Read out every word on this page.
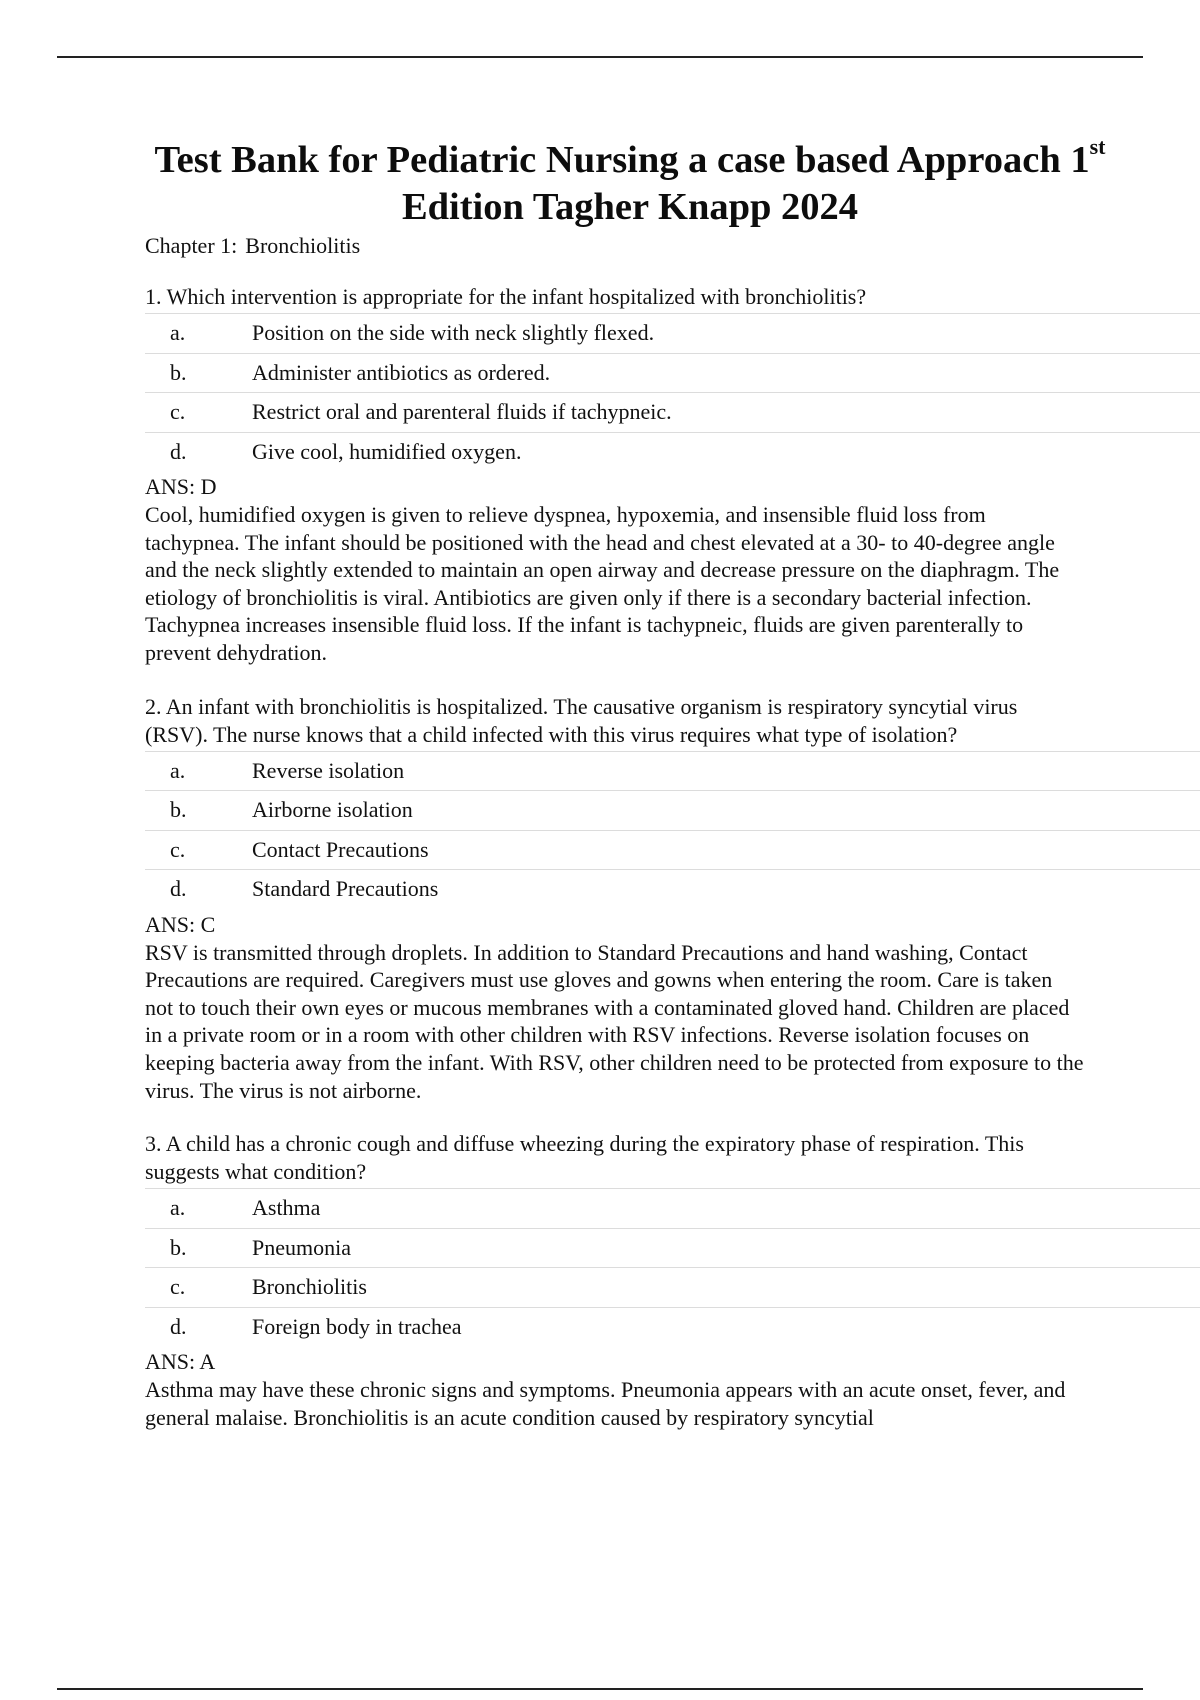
Test Bank for Pediatric Nursing a case based Approach 1st
Edition Tagher Knapp 2024
Chapter 1: Bronchiolitis

1. Which intervention is appropriate for the infant hospitalized with bronchiolitis?

a.	Position on the side with neck slightly flexed.
b.	Administer antibiotics as ordered.
c.	Restrict oral and parenteral fluids if tachypneic.
d.	Give cool, humidified oxygen.

ANS: D

Cool, humidified oxygen is given to relieve dyspnea, hypoxemia, and insensible fluid loss from tachypnea. The infant should be positioned with the head and chest elevated at a 30- to 40-degree angle and the neck slightly extended to maintain an open airway and decrease pressure on the diaphragm. The etiology of bronchiolitis is viral. Antibiotics are given only if there is a secondary bacterial infection. Tachypnea increases insensible fluid loss. If the infant is tachypneic, fluids are given parenterally to prevent dehydration.

2. An infant with bronchiolitis is hospitalized. The causative organism is respiratory syncytial virus (RSV). The nurse knows that a child infected with this virus requires what type of isolation?

a.	Reverse isolation
b.	Airborne isolation
c.	Contact Precautions
d.	Standard Precautions

ANS: C

RSV is transmitted through droplets. In addition to Standard Precautions and hand washing, Contact Precautions are required. Caregivers must use gloves and gowns when entering the room. Care is taken not to touch their own eyes or mucous membranes with a contaminated gloved hand. Children are placed in a private room or in a room with other children with RSV infections. Reverse isolation focuses on keeping bacteria away from the infant. With RSV, other children need to be protected from exposure to the virus. The virus is not airborne.

3. A child has a chronic cough and diffuse wheezing during the expiratory phase of respiration. This suggests what condition?

a.	Asthma
b.	Pneumonia
c.	Bronchiolitis
d.	Foreign body in trachea

ANS: A

Asthma may have these chronic signs and symptoms. Pneumonia appears with an acute onset, fever, and general malaise. Bronchiolitis is an acute condition caused by respiratory syncytial
